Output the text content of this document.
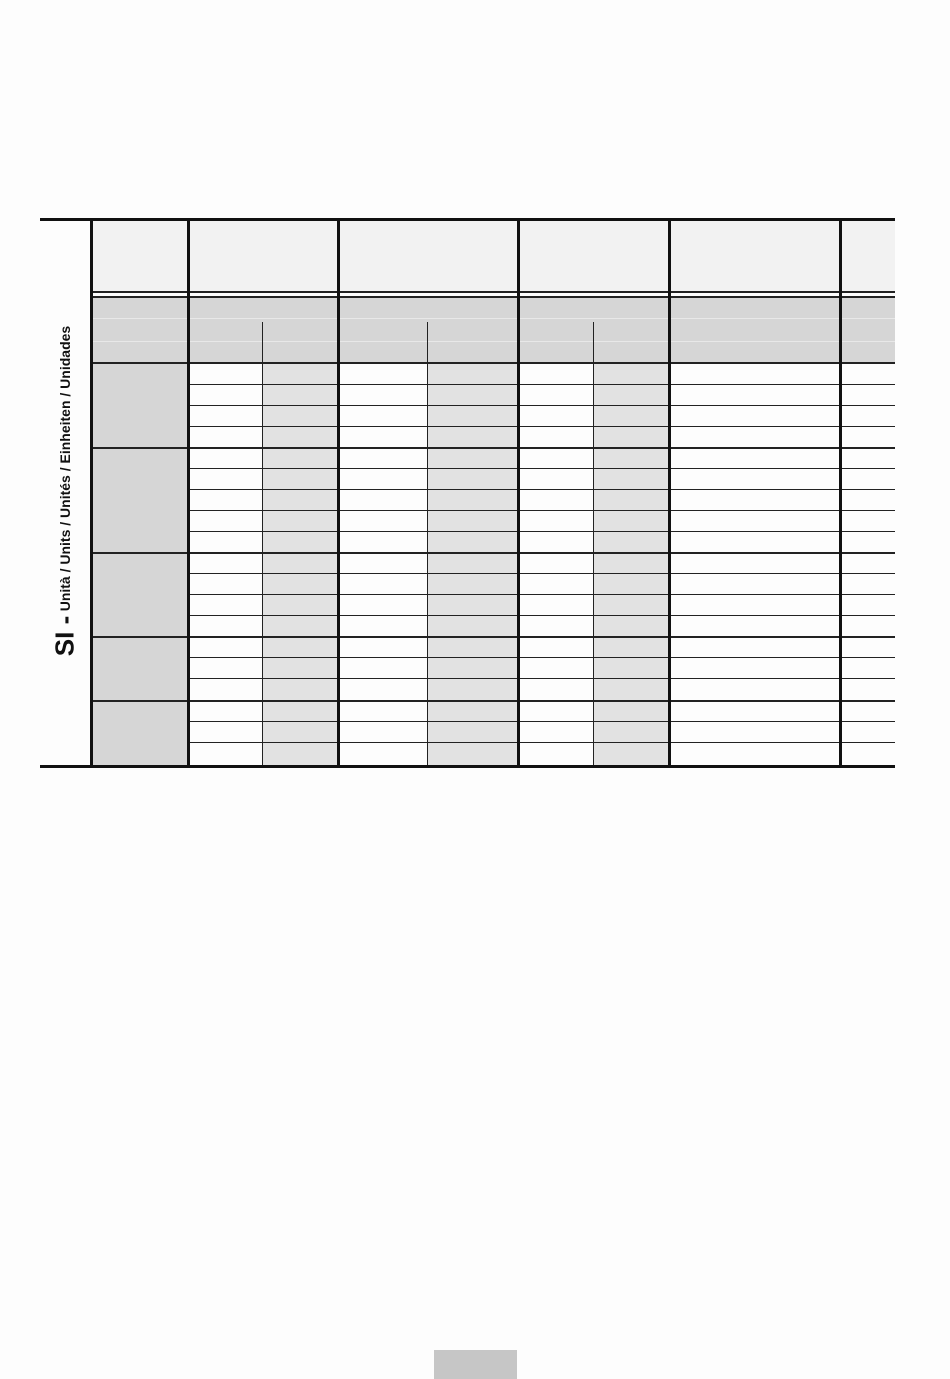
SI - Unità / Units / Unités / Einheiten / Unidades
